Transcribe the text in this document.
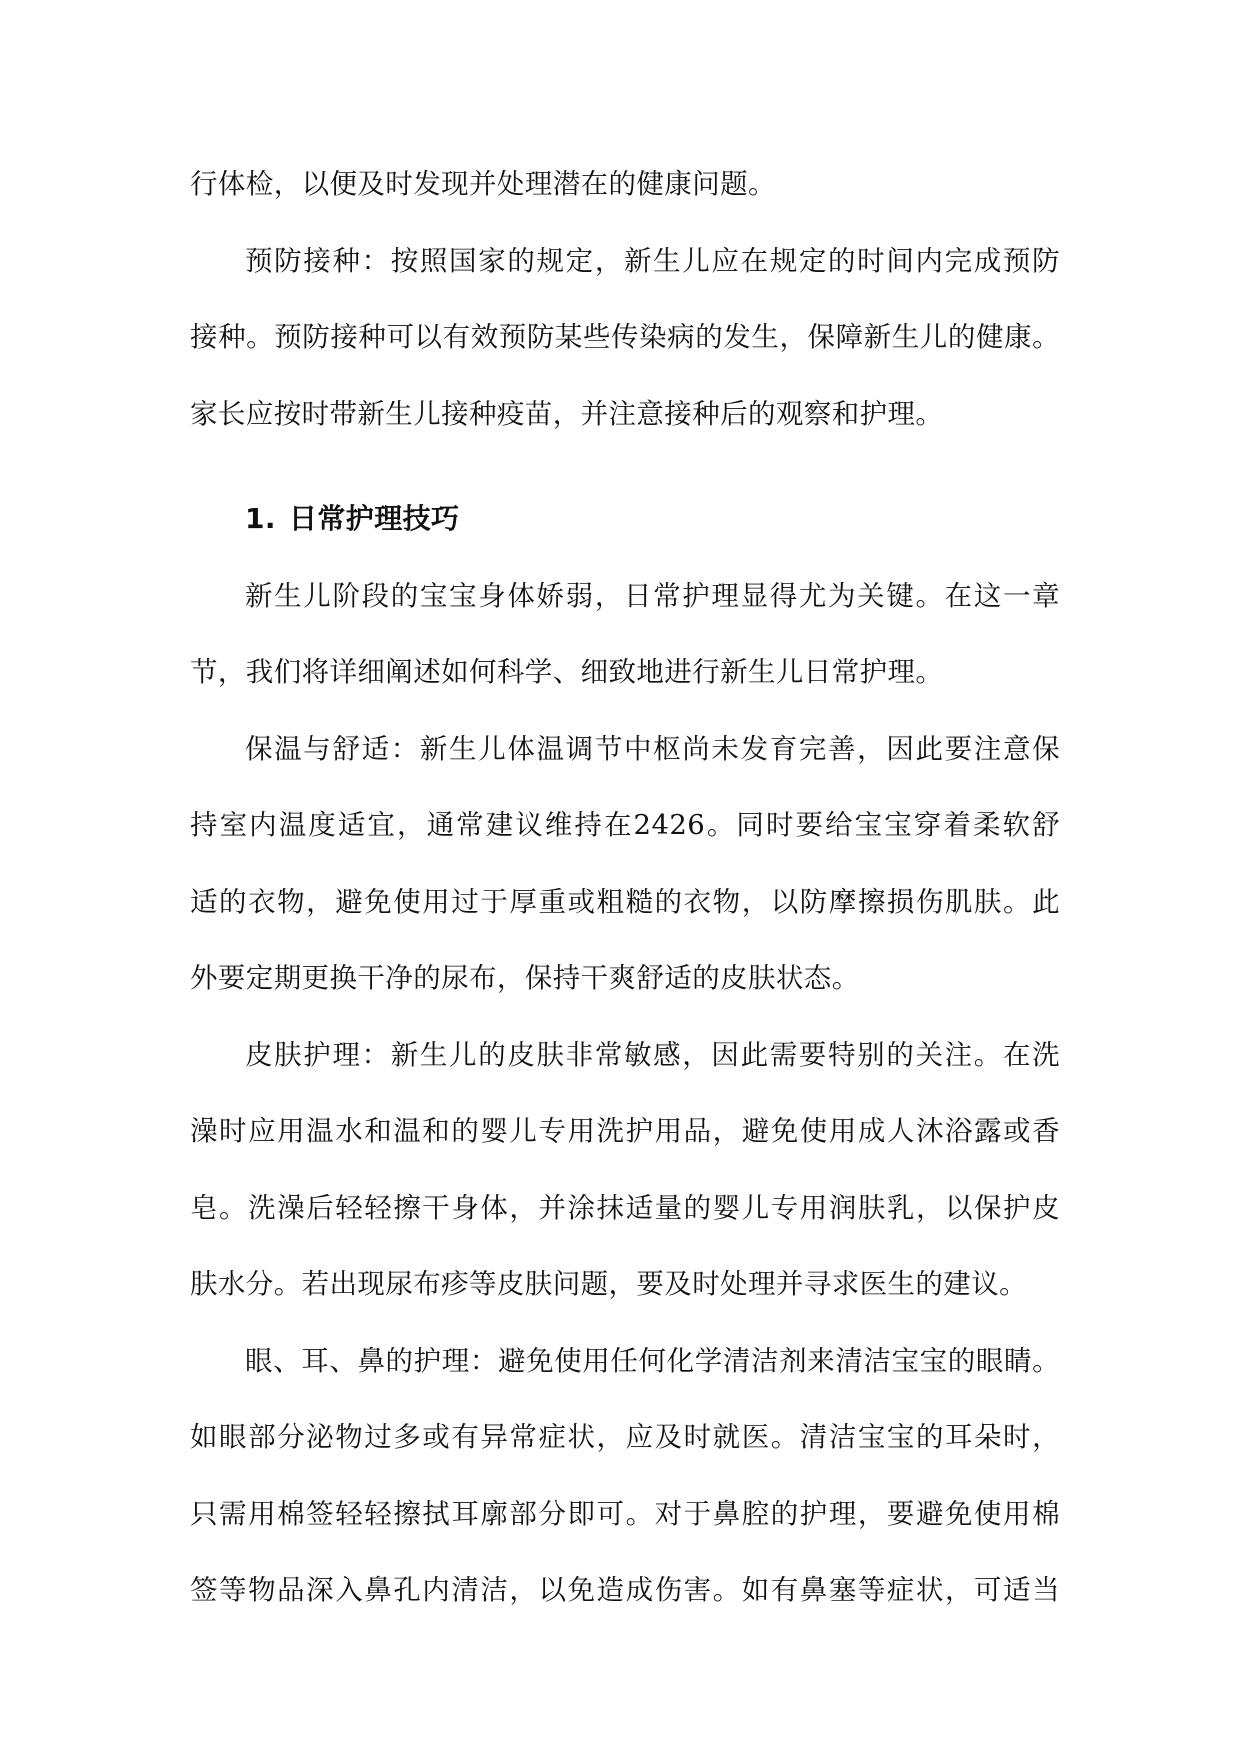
行体检，以便及时发现并处理潜在的健康问题。

预防接种：按照国家的规定，新生儿应在规定的时间内完成预防

接种。预防接种可以有效预防某些传染病的发生，保障新生儿的健康。

家长应按时带新生儿接种疫苗，并注意接种后的观察和护理。

1. 日常护理技巧

新生儿阶段的宝宝身体娇弱，日常护理显得尤为关键。在这一章

节，我们将详细阐述如何科学、细致地进行新生儿日常护理。

保温与舒适：新生儿体温调节中枢尚未发育完善，因此要注意保

持室内温度适宜，通常建议维持在2426。同时要给宝宝穿着柔软舒

适的衣物，避免使用过于厚重或粗糙的衣物，以防摩擦损伤肌肤。此

外要定期更换干净的尿布，保持干爽舒适的皮肤状态。

皮肤护理：新生儿的皮肤非常敏感，因此需要特别的关注。在洗

澡时应用温水和温和的婴儿专用洗护用品，避免使用成人沐浴露或香

皂。洗澡后轻轻擦干身体，并涂抹适量的婴儿专用润肤乳，以保护皮

肤水分。若出现尿布疹等皮肤问题，要及时处理并寻求医生的建议。

眼、耳、鼻的护理：避免使用任何化学清洁剂来清洁宝宝的眼睛。

如眼部分泌物过多或有异常症状，应及时就医。清洁宝宝的耳朵时，

只需用棉签轻轻擦拭耳廓部分即可。对于鼻腔的护理，要避免使用棉

签等物品深入鼻孔内清洁，以免造成伤害。如有鼻塞等症状，可适当
